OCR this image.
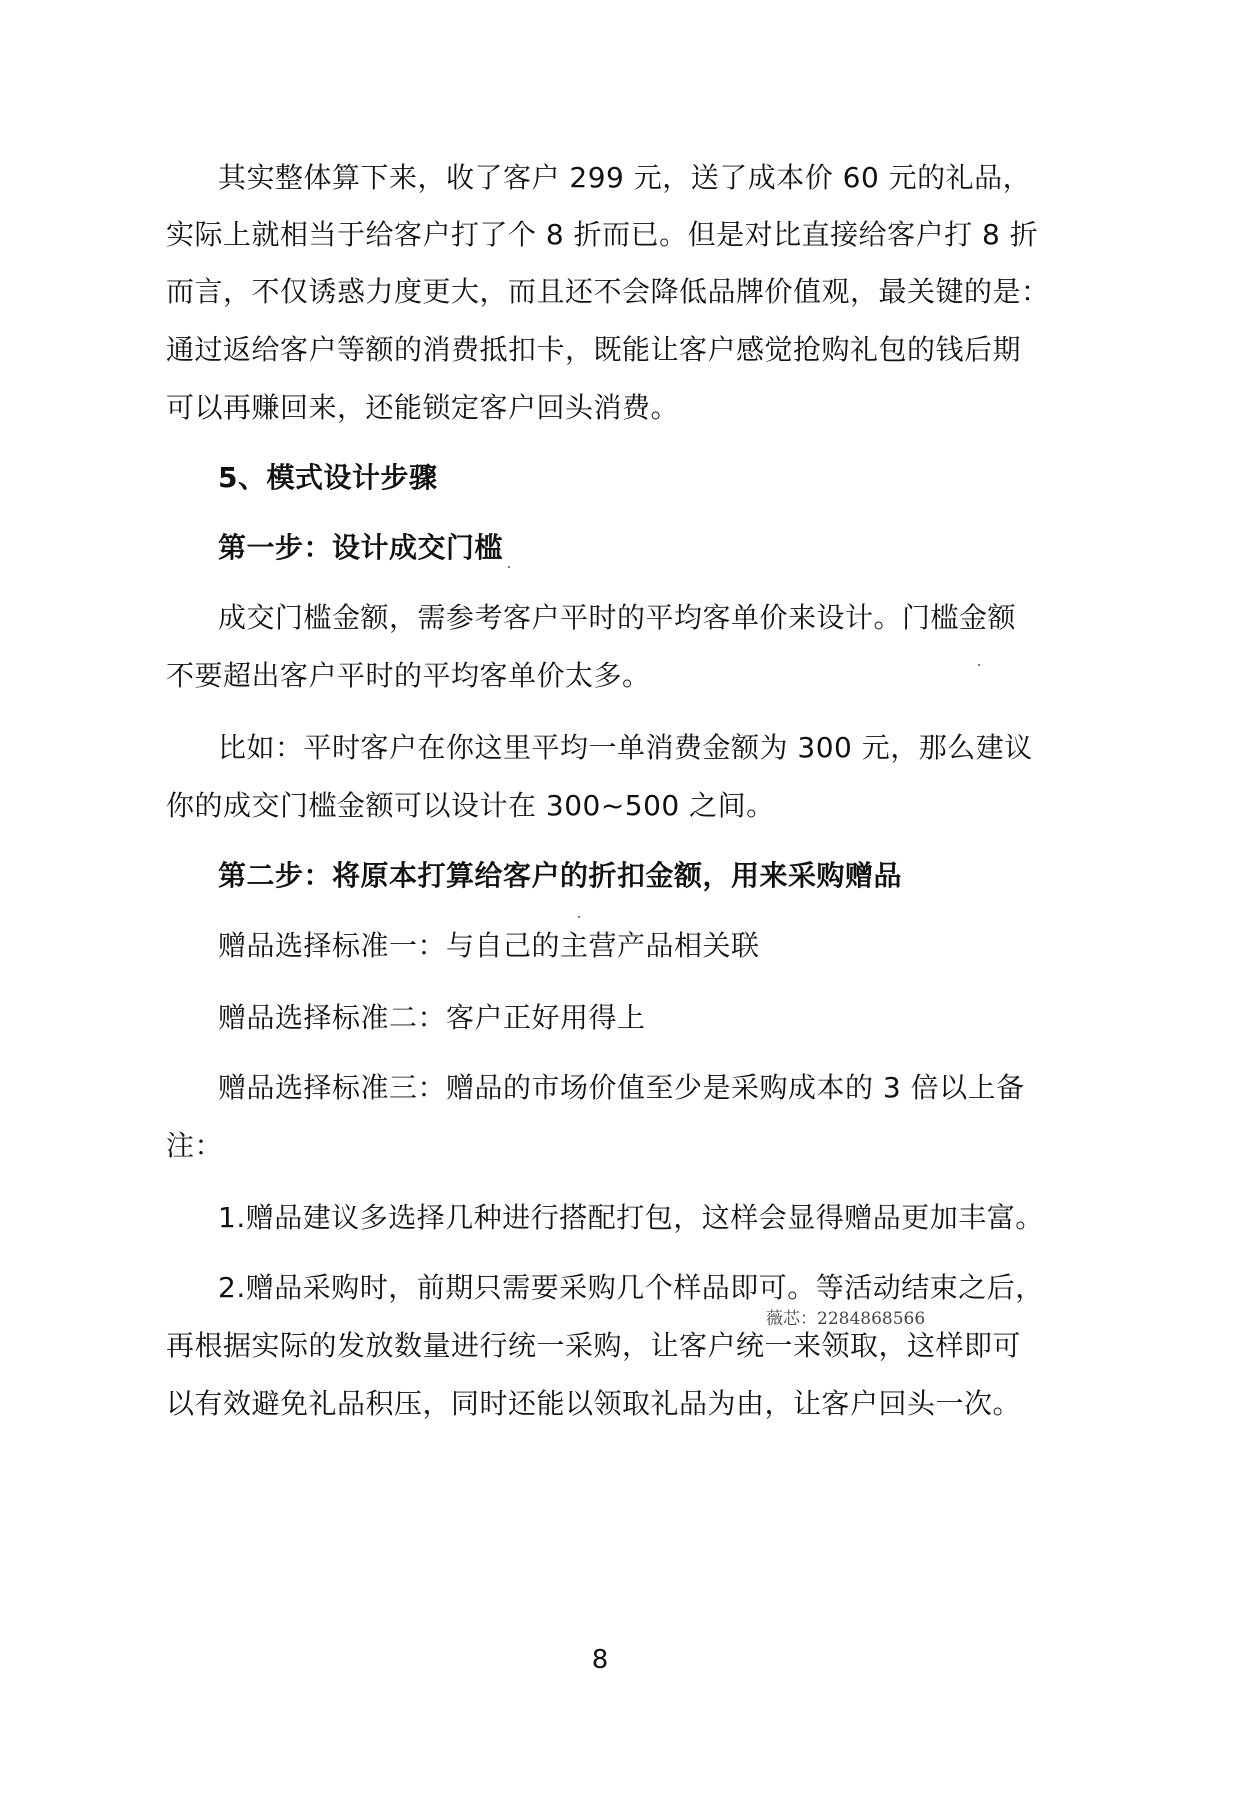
其实整体算下来，收了客户 299 元，送了成本价 60 元的礼品，
实际上就相当于给客户打了个 8 折而已。但是对比直接给客户打 8 折
而言，不仅诱惑力度更大，而且还不会降低品牌价值观，最关键的是：
通过返给客户等额的消费抵扣卡，既能让客户感觉抢购礼包的钱后期
可以再赚回来，还能锁定客户回头消费。
5、模式设计步骤
第一步：设计成交门槛
成交门槛金额，需参考客户平时的平均客单价来设计。门槛金额
不要超出客户平时的平均客单价太多。
比如：平时客户在你这里平均一单消费金额为 300 元，那么建议
你的成交门槛金额可以设计在 300~500 之间。
第二步：将原本打算给客户的折扣金额，用来采购赠品
赠品选择标准一：与自己的主营产品相关联
赠品选择标准二：客户正好用得上
赠品选择标准三：赠品的市场价值至少是采购成本的 3 倍以上备
注：
1.赠品建议多选择几种进行搭配打包，这样会显得赠品更加丰富。
2.赠品采购时，前期只需要采购几个样品即可。等活动结束之后，
薇芯：2284868566
再根据实际的发放数量进行统一采购，让客户统一来领取，这样即可
以有效避免礼品积压，同时还能以领取礼品为由，让客户回头一次。
8
